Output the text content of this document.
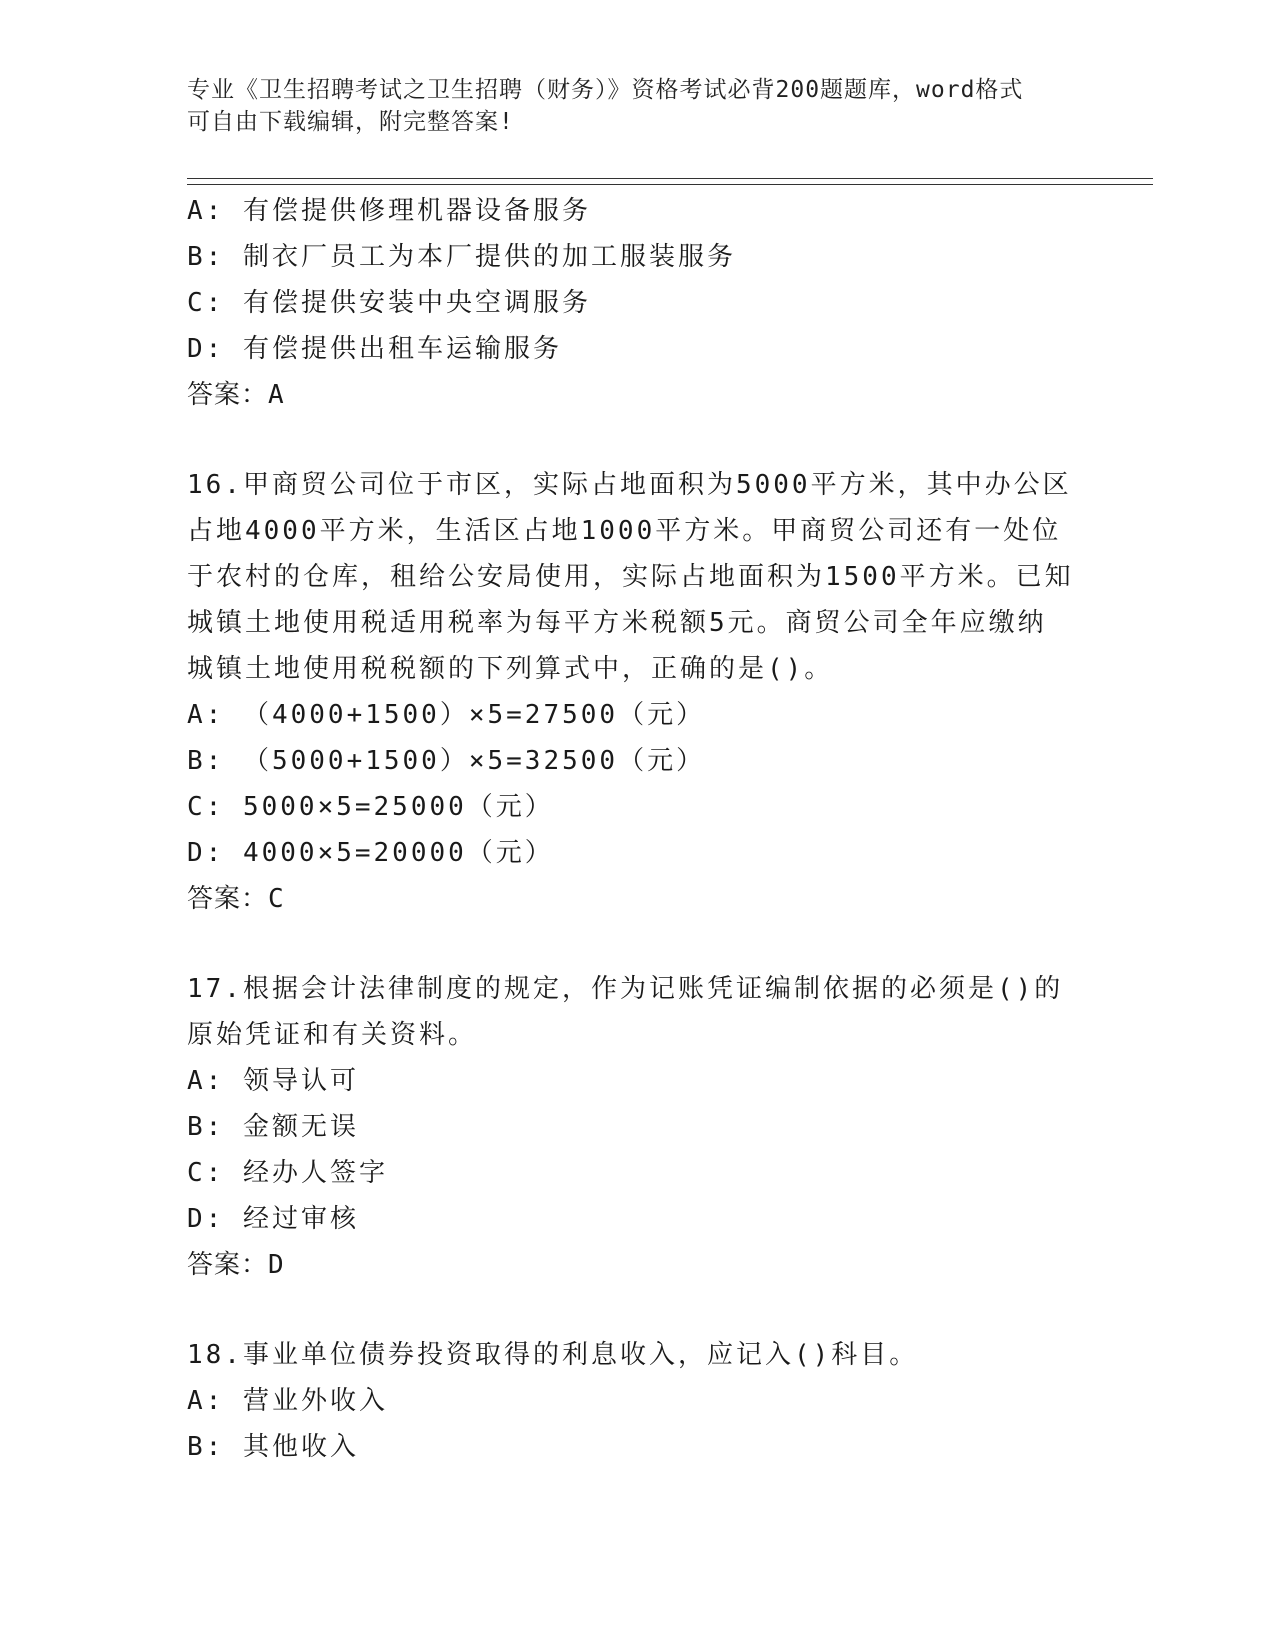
专业《卫生招聘考试之卫生招聘（财务）》资格考试必背200题题库，word格式
可自由下载编辑，附完整答案!
A: 有偿提供修理机器设备服务
B: 制衣厂员工为本厂提供的加工服装服务
C: 有偿提供安装中央空调服务
D: 有偿提供出租车运输服务
答案：A
16.甲商贸公司位于市区，实际占地面积为5000平方米，其中办公区
占地4000平方米，生活区占地1000平方米。甲商贸公司还有一处位
于农村的仓库，租给公安局使用，实际占地面积为1500平方米。已知
城镇土地使用税适用税率为每平方米税额5元。商贸公司全年应缴纳
城镇土地使用税税额的下列算式中，正确的是()。
A: （4000+1500）×5=27500（元）
B: （5000+1500）×5=32500（元）
C: 5000×5=25000（元）
D: 4000×5=20000（元）
答案：C
17.根据会计法律制度的规定，作为记账凭证编制依据的必须是()的
原始凭证和有关资料。
A: 领导认可
B: 金额无误
C: 经办人签字
D: 经过审核
答案：D
18.事业单位债券投资取得的利息收入，应记入()科目。
A: 营业外收入
B: 其他收入
